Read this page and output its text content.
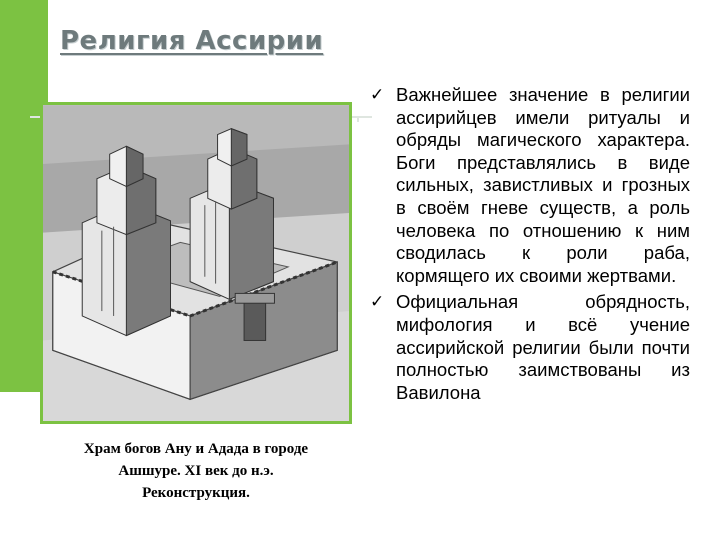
Религия Ассирии
Храм богов Ану и Адада в городе
Ашшуре. XI век до н.э.
Реконструкция.
✓ Важнейшее значение в религии ассирийцев имели ритуалы и обряды магического характера. Боги представлялись в виде сильных, завистливых и грозных в своём гневе существ, а роль человека по отношению к ним сводилась к роли раба, кормящего их своими жертвами.
✓ Официальная обрядность, мифология и всё учение ассирийской религии были почти полностью заимствованы из Вавилона
